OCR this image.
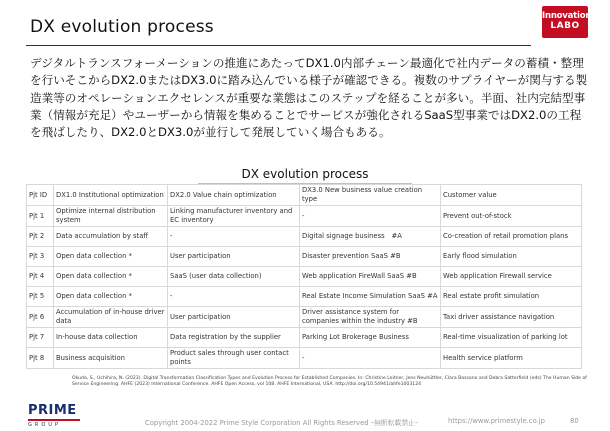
DX evolution process
Innovation
LABO
デジタルトランスフォーメーションの推進にあたってDX1.0内部チェーン最適化で社内データの蓄積・整理を行いそこからDX2.0またはDX3.0に踏み込んでいる様子が確認できる。複数のサプライヤーが関与する製造業等のオペレーションエクセレンスが重要な業態はこのステップを経ることが多い。半面、社内完結型事業（情報が充足）やユーザーから情報を集めることでサービスが強化されるSaaS型事業ではDX2.0の工程を飛ばしたり、DX2.0とDX3.0が並行して発展していく場合もある。
DX evolution process
Pjt ID	DX1.0 Institutional optimization	DX2.0 Value chain optimization	DX3.0 New business value creation type	Customer value
Pjt 1	Optimize internal distribution system	Linking manufacturer inventory and EC inventory	-	Prevent out-of-stock
Pjt 2	Data accumulation by staff	-	Digital signage business　#A	Co-creation of retail promotion plans
Pjt 3	Open data collection *	User participation	Disaster prevention SaaS #B	Early flood simulation
Pjt 4	Open data collection *	SaaS (user data collection)	Web application FireWall SaaS #B	Web application Firewall service
Pjt 5	Open data collection *	-	Real Estate Income Simulation SaaS #A	Real estate profit simulation
Pjt 6	Accumulation of in-house driver data	User participation	Driver assistance system for companies within the industry #B	Taxi driver assistance navigation
Pjt 7	In-house data collection	Data registration by the supplier	Parking Lot Brokerage Business	Real-time visualization of parking lot
Pjt 8	Business acquisition	Product sales through user contact points	-	Health service platform
Okuda, S., Uchihira, N. (2023). Digital Transformation Classification Types and Evolution Process for Established Companies. In: Christine Leitner, Jens Neuhüttler, Clara Bassano and Debra Satterfield (eds) The Human Side of Service Engineering. AHFE (2023) International Conference. AHFE Open Access, vol 108. AHFE International, USA. http://doi.org/10.54941/ahfe1003124
PRIME
GROUP	Copyright 2004-2022 Prime Style Corporation All Rights Reserved –無断転載禁止–	https://www.primestyle.co.jp	80
